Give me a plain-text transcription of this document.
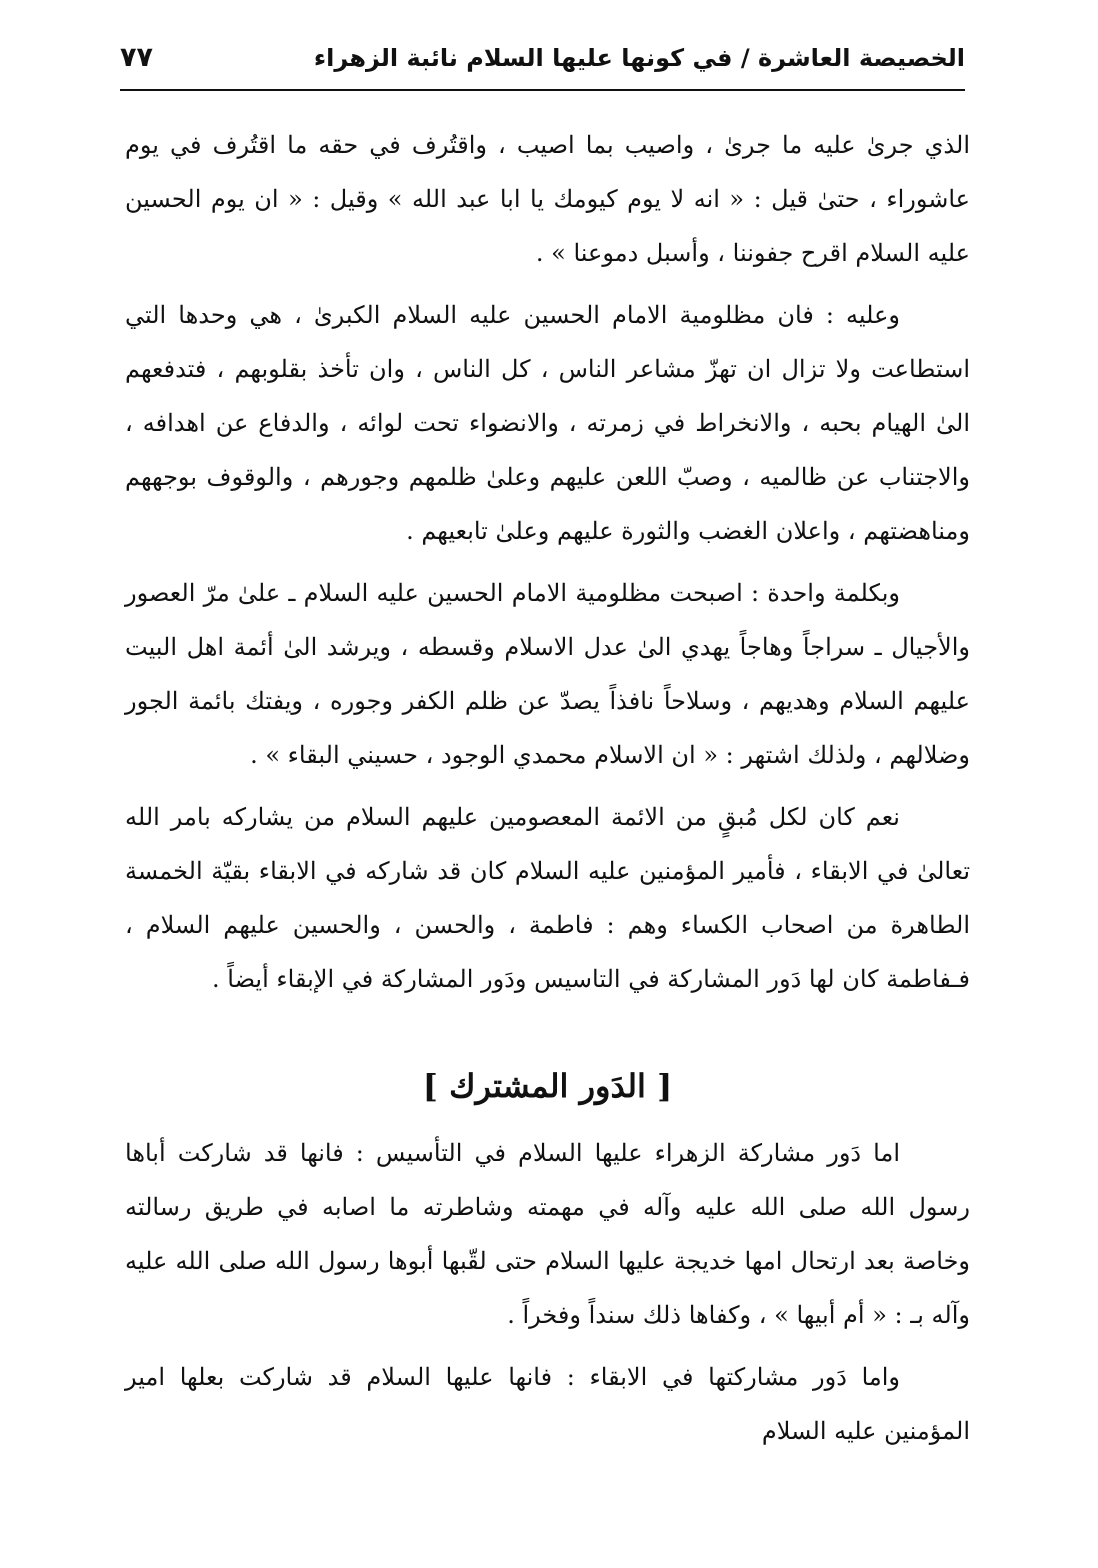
الخصيصة العاشرة / في كونها عليها السلام نائبة الزهراء
٧٧

الذي جرىٰ عليه ما جرىٰ ، واصيب بما اصيب ، واقتُرف في حقه ما اقتُرف في يوم عاشوراء ، حتىٰ قيل : « انه لا يوم كيومك يا ابا عبد الله » وقيل : « ان يوم الحسين عليه السلام اقرح جفوننا ، وأسبل دموعنا » .

وعليه : فان مظلومية الامام الحسين عليه السلام الكبرىٰ ، هي وحدها التي استطاعت ولا تزال ان تهزّ مشاعر الناس ، كل الناس ، وان تأخذ بقلوبهم ، فتدفعهم الىٰ الهيام بحبه ، والانخراط في زمرته ، والانضواء تحت لوائه ، والدفاع عن اهدافه ، والاجتناب عن ظالميه ، وصبّ اللعن عليهم وعلىٰ ظلمهم وجورهم ، والوقوف بوجههم ومناهضتهم ، واعلان الغضب والثورة عليهم وعلىٰ تابعيهم .

وبكلمة واحدة : اصبحت مظلومية الامام الحسين عليه السلام ـ علىٰ مرّ العصور والأجيال ـ سراجاً وهاجاً يهدي الىٰ عدل الاسلام وقسطه ، ويرشد الىٰ أئمة اهل البيت عليهم السلام وهديهم ، وسلاحاً نافذاً يصدّ عن ظلم الكفر وجوره ، ويفتك بائمة الجور وضلالهم ، ولذلك اشتهر : « ان الاسلام محمدي الوجود ، حسيني البقاء » .

نعم كان لكل مُبقٍ من الائمة المعصومين عليهم السلام من يشاركه بامر الله تعالىٰ في الابقاء ، فأمير المؤمنين عليه السلام كان قد شاركه في الابقاء بقيّة الخمسة الطاهرة من اصحاب الكساء وهم : فاطمة ، والحسن ، والحسين عليهم السلام ، فـفاطمة كان لها دَور المشاركة في التاسيس ودَور المشاركة في الإبقاء أيضاً .

[ الدَور المشترك ]

اما دَور مشاركة الزهراء عليها السلام في التأسيس : فانها قد شاركت أباها رسول الله صلى الله عليه وآله في مهمته وشاطرته ما اصابه في طريق رسالته وخاصة بعد ارتحال امها خديجة عليها السلام حتى لقّبها أبوها رسول الله صلى الله عليه وآله بـ : « أم أبيها » ، وكفاها ذلك سنداً وفخراً .

واما دَور مشاركتها في الابقاء : فانها عليها السلام قد شاركت بعلها امير المؤمنين عليه السلام
